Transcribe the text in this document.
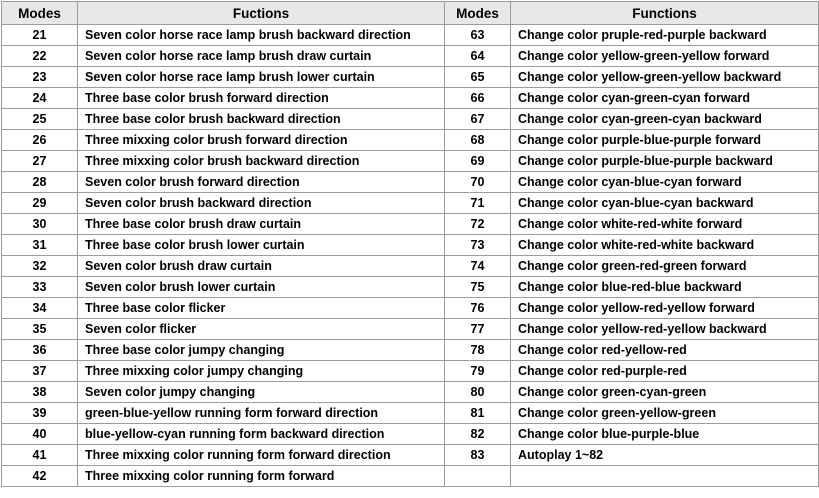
Modes	Fuctions	Modes	Functions
21	Seven color horse race lamp brush backward direction	63	Change color pruple-red-purple backward
22	Seven color horse race lamp brush draw curtain	64	Change color yellow-green-yellow forward
23	Seven color horse race lamp brush lower curtain	65	Change color yellow-green-yellow backward
24	Three base color brush forward direction	66	Change color cyan-green-cyan forward
25	Three base color brush backward direction	67	Change color cyan-green-cyan backward
26	Three mixxing color brush forward direction	68	Change color purple-blue-purple forward
27	Three mixxing color brush backward direction	69	Change color purple-blue-purple backward
28	Seven color brush forward direction	70	Change color cyan-blue-cyan forward
29	Seven color brush backward direction	71	Change color cyan-blue-cyan backward
30	Three base color brush draw curtain	72	Change color white-red-white forward
31	Three base color brush lower curtain	73	Change color white-red-white backward
32	Seven color brush draw curtain	74	Change color green-red-green forward
33	Seven color brush lower curtain	75	Change color blue-red-blue backward
34	Three base color flicker	76	Change color yellow-red-yellow forward
35	Seven color flicker	77	Change color yellow-red-yellow backward
36	Three base color jumpy changing	78	Change color red-yellow-red
37	Three mixxing color jumpy changing	79	Change color red-purple-red
38	Seven color jumpy changing	80	Change color green-cyan-green
39	green-blue-yellow running form forward direction	81	Change color green-yellow-green
40	blue-yellow-cyan running form backward direction	82	Change color blue-purple-blue
41	Three mixxing color running form forward direction	83	Autoplay 1~82
42	Three mixxing color running form forward		
